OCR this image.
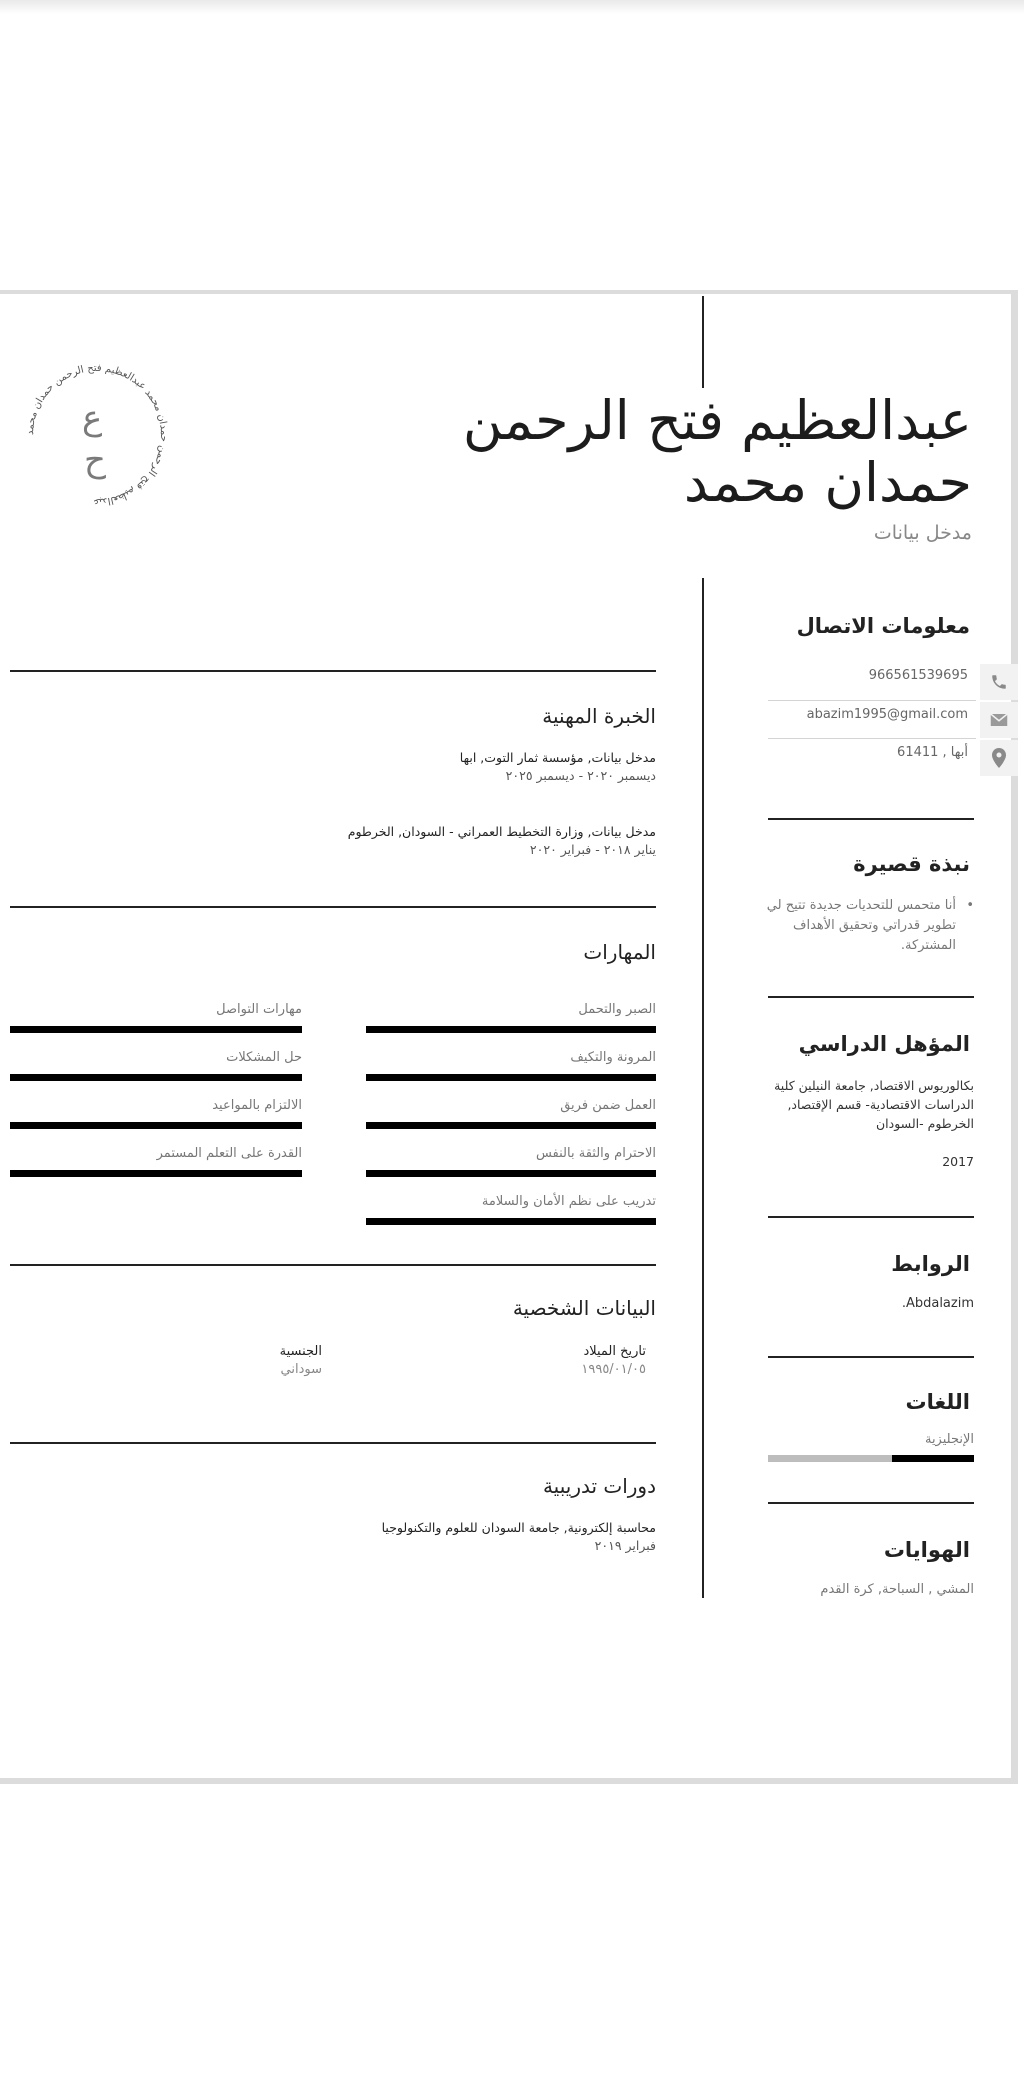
عبدالعظيم فتح الرحمن حمدان محمد عبدالعظيم فتح الرحمن حمدان محمد
ع
ح
عبدالعظيم فتح الرحمن
حمدان محمد
مدخل بيانات
معلومات الاتصال
966561539695
abazim1995@gmail.com
أبها , 61411
نبذة قصيرة
•
أنا متحمس للتحديات جديدة تتيح لي تطوير قدراتي وتحقيق الأهداف المشتركة.
المؤهل الدراسي
بكالوريوس الاقتصاد, جامعة النيلين كلية الدراسات الاقتصادية- قسم الإقتصاد, الخرطوم -السودان
2017
الروابط
Abdalazim.
اللغات
الإنجليزية
الهوايات
المشي , السباحة, كرة القدم
الخبرة المهنية
مدخل بيانات, مؤسسة ثمار التوت, ابها
ديسمبر ٢٠٢٠ - ديسمبر ٢٠٢٥
مدخل بيانات, وزارة التخطيط العمراني - السودان, الخرطوم
يناير ٢٠١٨ - فبراير ٢٠٢٠
المهارات
الصبر والتحمل
المرونة والتكيف
العمل ضمن فريق
الاحترام والثقة بالنفس
تدريب على نظم الأمان والسلامة
مهارات التواصل
حل المشكلات
الالتزام بالمواعيد
القدرة على التعلم المستمر
البيانات الشخصية
تاريخ الميلاد
١٩٩٥/٠١/٠٥
الجنسية
سوداني
دورات تدريبية
محاسبة إلكترونية, جامعة السودان للعلوم والتكنولوجيا
فبراير ٢٠١٩
